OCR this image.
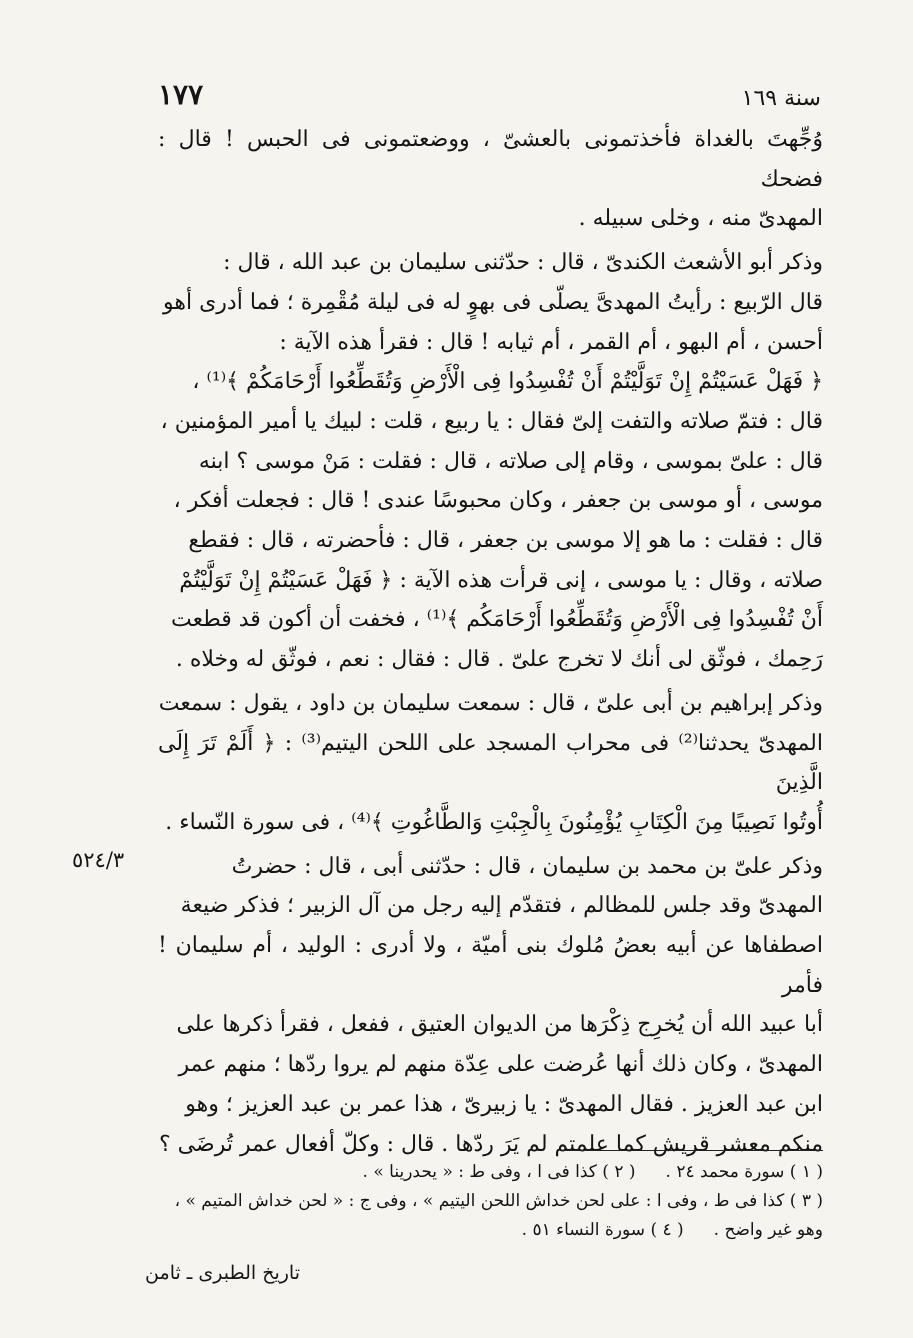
١٧٧	سنة ١٦٩

وُجِّهتَ بالغداة فأخذتمونى بالعشىّ ، ووضعتمونى فى الحبس ! قال : فضحك
المهدىّ منه ، وخلى سبيله .

وذكر أبو الأشعث الكندىّ ، قال : حدّثنى سليمان بن عبد الله ، قال :
قال الرّبيع : رأيتُ المهدىَّ يصلّى فى بهوٍ له فى ليلة مُقْمِرة ؛ فما أدرى أهو
أحسن ، أم البهو ، أم القمر ، أم ثيابه ! قال : فقرأ هذه الآية :
﴿ فَهَلْ عَسَيْتُمْ إِنْ تَوَلَّيْتُمْ أَنْ تُفْسِدُوا فِى الْأَرْضِ وَتُقَطِّعُوا أَرْحَامَكُمْ ﴾⁽¹⁾ ،
قال : فتمّ صلاته والتفت إلىّ فقال : يا ربيع ، قلت : لبيك يا أمير المؤمنين ،
قال : علىّ بموسى ، وقام إلى صلاته ، قال : فقلت : مَنْ موسى ؟ ابنه
موسى ، أو موسى بن جعفر ، وكان محبوسًا عندى ! قال : فجعلت أفكر ،
قال : فقلت : ما هو إلا موسى بن جعفر ، قال : فأحضرته ، قال : فقطع
صلاته ، وقال : يا موسى ، إنى قرأت هذه الآية : ﴿ فَهَلْ عَسَيْتُمْ إِنْ تَوَلَّيْتُمْ
أَنْ تُفْسِدُوا فِى الْأَرْضِ وَتُقَطِّعُوا أَرْحَامَكُم ﴾⁽¹⁾ ، فخفت أن أكون قد قطعت
رَحِمك ، فوثّق لى أنك لا تخرج علىّ . قال : فقال : نعم ، فوثّق له وخلاه .

وذكر إبراهيم بن أبى علىّ ، قال : سمعت سليمان بن داود ، يقول : سمعت
المهدىّ يحدثنا⁽²⁾ فى محراب المسجد على اللحن اليتيم⁽³⁾ : ﴿ أَلَمْ تَرَ إِلَى الَّذِينَ
أُوتُوا نَصِيبًا مِنَ الْكِتَابِ يُؤْمِنُونَ بِالْجِبْتِ وَالطَّاغُوتِ ﴾⁽⁴⁾ ، فى سورة النّساء .

وذكر علىّ بن محمد بن سليمان ، قال : حدّثنى أبى ، قال : حضرتُ
المهدىّ وقد جلس للمظالم ، فتقدّم إليه رجل من آل الزبير ؛ فذكر ضيعة
اصطفاها عن أبيه بعضُ مُلوك بنى أميّة ، ولا أدرى : الوليد ، أم سليمان ! فأمر
أبا عبيد الله أن يُخرِج ذِكْرَها من الديوان العتيق ، ففعل ، فقرأ ذكرها على
المهدىّ ، وكان ذلك أنها عُرضت على عِدّة منهم لم يروا ردّها ؛ منهم عمر
ابن عبد العزيز . فقال المهدىّ : يا زبيرىّ ، هذا عمر بن عبد العزيز ؛ وهو
منكم معشر قريش كما علمتم لم يَرَ ردّها . قال : وكلّ أفعال عمر تُرضَى ؟

٥٢٤/٣
( ١ ) سورة محمد ٢٤ .
( ٢ ) كذا فى ا ، وفى ط : « يحدرينا » .
( ٣ ) كذا فى ط ، وفى ا : على لحن خداش اللحن اليتيم » ، وفى ج : « لحن خداش المتيم » ،
وهو غير واضح .
( ٤ ) سورة النساء ٥١ .
تاريخ الطبرى ـ ثامن
